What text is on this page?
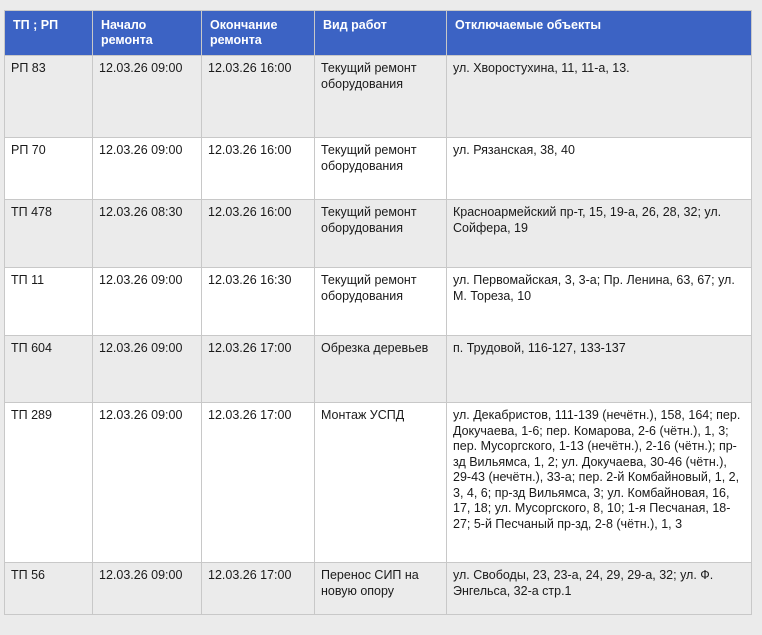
ТП ; РП	Начало ремонта	Окончание ремонта	Вид работ	Отключаемые объекты
РП 83	12.03.26 09:00	12.03.26 16:00	Текущий ремонт оборудования	ул. Хворостухина, 11, 11-а, 13.
РП 70	12.03.26 09:00	12.03.26 16:00	Текущий ремонт оборудования	ул. Рязанская, 38, 40
ТП 478	12.03.26 08:30	12.03.26 16:00	Текущий ремонт оборудования	Красноармейский пр-т, 15, 19-а, 26, 28, 32; ул. Сойфера, 19
ТП 11	12.03.26 09:00	12.03.26 16:30	Текущий ремонт оборудования	ул. Первомайская, 3, 3-а; Пр. Ленина, 63, 67; ул. М. Тореза, 10
ТП 604	12.03.26 09:00	12.03.26 17:00	Обрезка деревьев	п. Трудовой, 116-127, 133-137
ТП 289	12.03.26 09:00	12.03.26 17:00	Монтаж УСПД	ул. Декабристов, 111-139 (нечётн.), 158, 164; пер. Докучаева, 1-6; пер. Комарова, 2-6 (чётн.), 1, 3; пер. Мусоргского, 1-13 (нечётн.), 2-16 (чётн.); пр-зд Вильямса, 1, 2; ул. Докучаева, 30-46 (чётн.), 29-43 (нечётн.), 33-а; пер. 2-й Комбайновый, 1, 2, 3, 4, 6; пр-зд Вильямса, 3; ул. Комбайновая, 16, 17, 18; ул. Мусоргского, 8, 10; 1-я Песчаная, 18-27; 5-й Песчаный пр-зд, 2-8 (чётн.), 1, 3
ТП 56	12.03.26 09:00	12.03.26 17:00	Перенос СИП на новую опору	ул. Свободы, 23, 23-а, 24, 29, 29-а, 32; ул. Ф. Энгельса, 32-а стр.1
